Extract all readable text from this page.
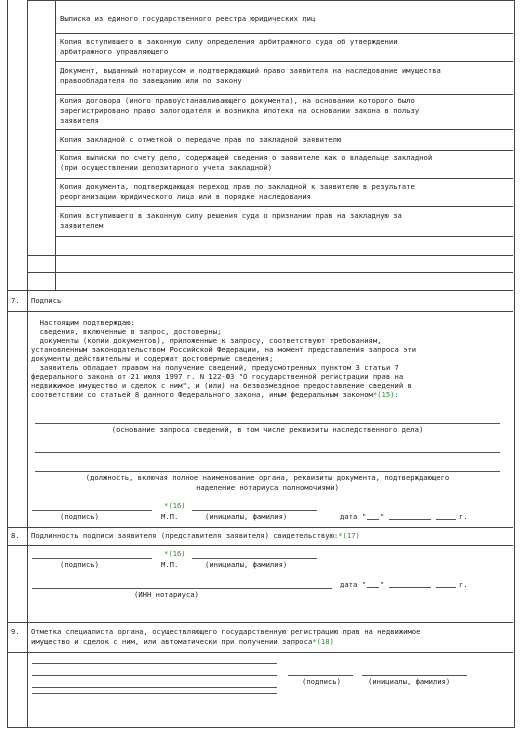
Выписка из единого государственного реестра юридических лиц
Копия вступившего в законную силу определения арбитражного суда об утверждении
арбитражного управляющего
Документ, выданный нотариусом и подтверждающий право заявителя на наследование имущества
правообладателя по завещанию или по закону
Копия договора (иного правоустанавливающего документа), на основании которого было
зарегистрировано право залогодателя и возникла ипотека на основании закона в пользу
заявителя
Копия закладной с отметкой о передаче прав по закладной заявителю
Копия выписки по счету депо, содержащей сведения о заявителе как о владельце закладной
(при осуществлении депозитарного учета закладной)
Копия документа, подтверждающая переход прав по закладной к заявителю в результате
реорганизации юридического лица или в порядке наследования
Копия вступившего в законную силу решения суда о признании прав на закладную за
заявителем
7. Подпись
Настоящим подтверждаю:
сведения, включенные в запрос, достоверны;
документы (копии документов), приложенные к запросу, соответствуют требованиям,
установленным законодательством Российской Федерации, на момент представления запроса эти
документы действительны и содержат достоверные сведения;
заявитель обладает правом на получение сведений, предусмотренных пунктом 3 статьи 7
федерального закона от 21 июля 1997 г. N 122-ФЗ "О государственной регистрации прав на
недвижимое имущество и сделок с ним", и (или) на безвозмездное предоставление сведений в
соответствии со статьей 8 данного Федерального закона, иным федеральным законом*(15):
(основание запроса сведений, в том числе реквизиты наследственного дела)
(должность, включая полное наименование органа, реквизиты документа, подтверждающего
наделение нотариуса полномочиями)
*(16)
(подпись)	М.П.	(инициалы, фамилия)	дата " "	г.
8. Подлинность подписи заявителя (представителя заявителя) свидетельствую:*(17)
*(16)
(подпись)	М.П.	(инициалы, фамилия)
дата " "	г.
(ИНН нотариуса)
9. Отметка специалиста органа, осуществляющего государственную регистрацию прав на недвижимое
имущество и сделок с ним, или автоматически при получении запроса*(18)
(подпись)	(инициалы, фамилия)
